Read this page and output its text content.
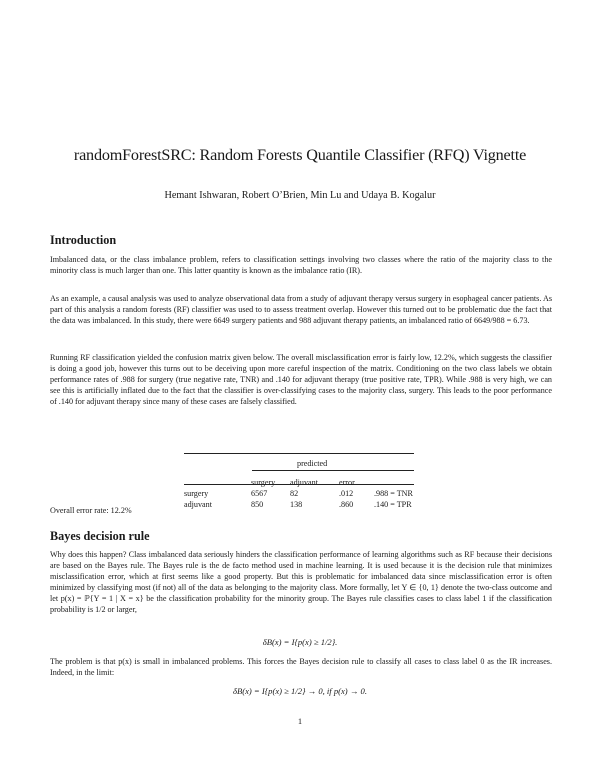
randomForestSRC: Random Forests Quantile Classifier (RFQ) Vignette
Hemant Ishwaran, Robert O’Brien, Min Lu and Udaya B. Kogalur
Introduction
Imbalanced data, or the class imbalance problem, refers to classification settings involving two classes where the ratio of the majority class to the minority class is much larger than one. This latter quantity is known as the imbalance ratio (IR).
As an example, a causal analysis was used to analyze observational data from a study of adjuvant therapy versus surgery in esophageal cancer patients. As part of this analysis a random forests (RF) classifier was used to to assess treatment overlap. However this turned out to be problematic due the fact that the data was imbalanced. In this study, there were 6649 surgery patients and 988 adjuvant therapy patients, an imbalanced ratio of 6649/988 = 6.73.
Running RF classification yielded the confusion matrix given below. The overall misclassification error is fairly low, 12.2%, which suggests the classifier is doing a good job, however this turns out to be deceiving upon more careful inspection of the matrix. Conditioning on the two class labels we obtain performance rates of .988 for surgery (true negative rate, TNR) and .140 for adjuvant therapy (true positive rate, TPR). While .988 is very high, we can see this is artificially inflated due to the fact that the classifier is over-classifying cases to the majority class, surgery. This leads to the poor performance of .140 for adjuvant therapy since many of these cases are falsely classified.
	predicted			
	surgery	adjuvant	error	
surgery	6567	82	.012	.988 = TNR
adjuvant	850	138	.860	.140 = TPR
Overall error rate: 12.2%
Bayes decision rule
Why does this happen? Class imbalanced data seriously hinders the classification performance of learning algorithms such as RF because their decisions are based on the Bayes rule. The Bayes rule is the de facto method used in machine learning. It is used because it is the decision rule that minimizes misclassification error, which at first seems like a good property. But this is problematic for imbalanced data since misclassification error is often minimized by classifying most (if not) all of the data as belonging to the majority class. More formally, let Y ∈ {0, 1} denote the two-class outcome and let p(x) = ℙ{Y = 1 | X = x} be the classification probability for the minority group. The Bayes rule classifies cases to class label 1 if the classification probability is 1/2 or larger,
δB(x) = I{p(x) ≥ 1/2}.
The problem is that p(x) is small in imbalanced problems. This forces the Bayes decision rule to classify all cases to class label 0 as the IR increases. Indeed, in the limit:
δB(x) = I{p(x) ≥ 1/2} → 0, if p(x) → 0.
1
